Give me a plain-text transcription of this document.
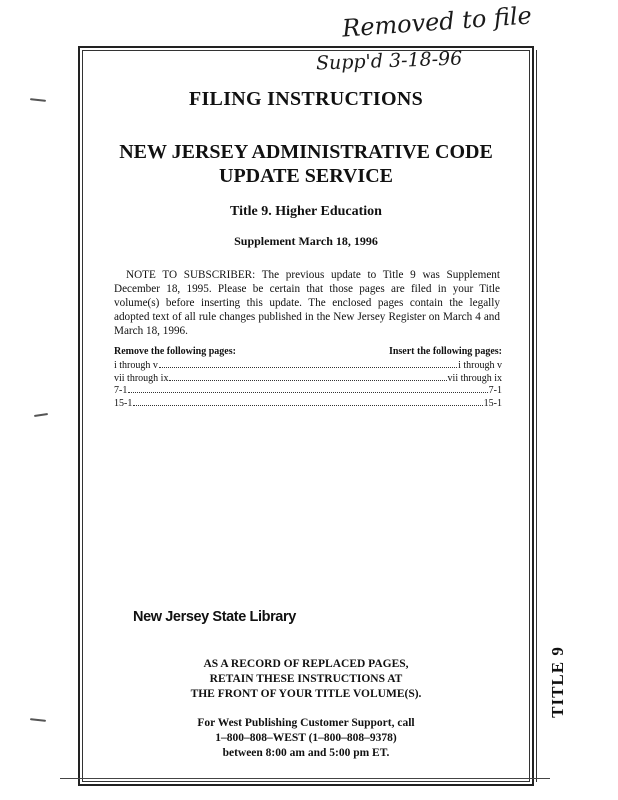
Removed to file
Supp'd 3-18-96
FILING INSTRUCTIONS
NEW JERSEY ADMINISTRATIVE CODE
UPDATE SERVICE
Title 9. Higher Education
Supplement March 18, 1996
NOTE TO SUBSCRIBER: The previous update to Title 9 was Supplement December 18, 1995. Please be certain that those pages are filed in your Title volume(s) before inserting this update. The enclosed pages contain the legally adopted text of all rule changes published in the New Jersey Register on March 4 and March 18, 1996.
Remove the following pages:	Insert the following pages:
i through v	i through v
vii through ix	vii through ix
7-1	7-1
15-1	15-1
New Jersey State Library
AS A RECORD OF REPLACED PAGES,
RETAIN THESE INSTRUCTIONS AT
THE FRONT OF YOUR TITLE VOLUME(S).
For West Publishing Customer Support, call
1–800–808–WEST (1–800–808–9378)
between 8:00 am and 5:00 pm ET.
TITLE 9
